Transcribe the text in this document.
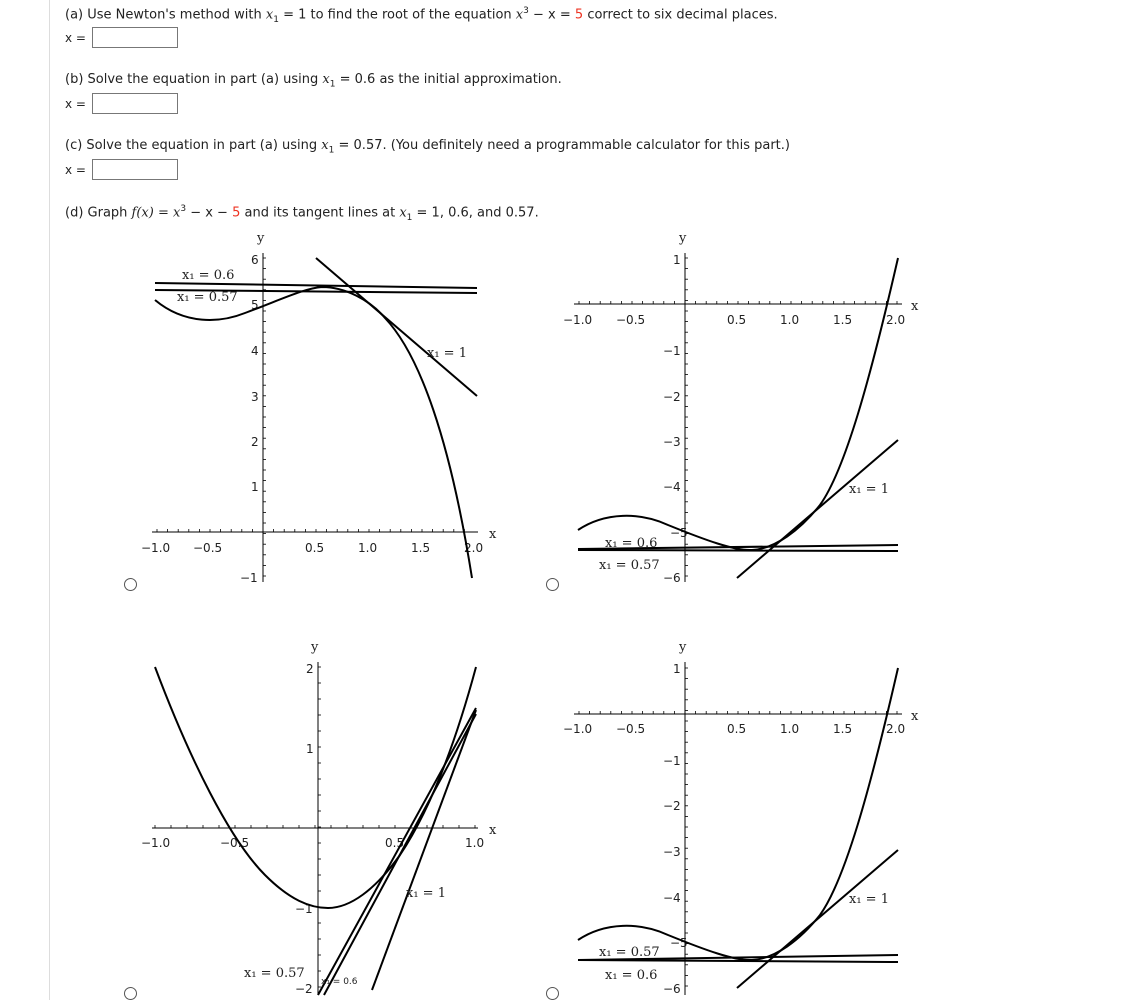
(a) Use Newton's method with $x_1 = 1$ to find the root of the equation $x^3 - x = 5$ correct to six decimal places.
x =
(b) Solve the equation in part (a) using $x_1 = 0.6$ as the initial approximation.
x =
(c) Solve the equation in part (a) using $x_1 = 0.57$. (You definitely need a programmable calculator for this part.)
x =
(d) Graph $f(x) = x^3 - x - 5$ and its tangent lines at $x_1 = 1$, 0.6, and 0.57.
−1.0 −0.5	0.5	1.0	1.5	2.0
1
2
3
4
5
6
−1
x
y
x₁ = 0.6
x₁ = 0.57
x₁ = 1
−1.0 −0.5	0.5	1.0	1.5	2.0
1
−1
−2
−3
−4
−5
−6
x
y
x₁ = 1
x₁ = 0.6
x₁ = 0.57
−1.0	−0.5	0.5	1.0
2
1
−1
−2
x
y
x₁ = 1
x₁ = 0.57
x₁ = 0.6
−1.0 −0.5	0.5	1.0	1.5	2.0
1
−1
−2
−3
−4
−5
−6
x
y
x₁ = 1
x₁ = 0.57
x₁ = 0.6
